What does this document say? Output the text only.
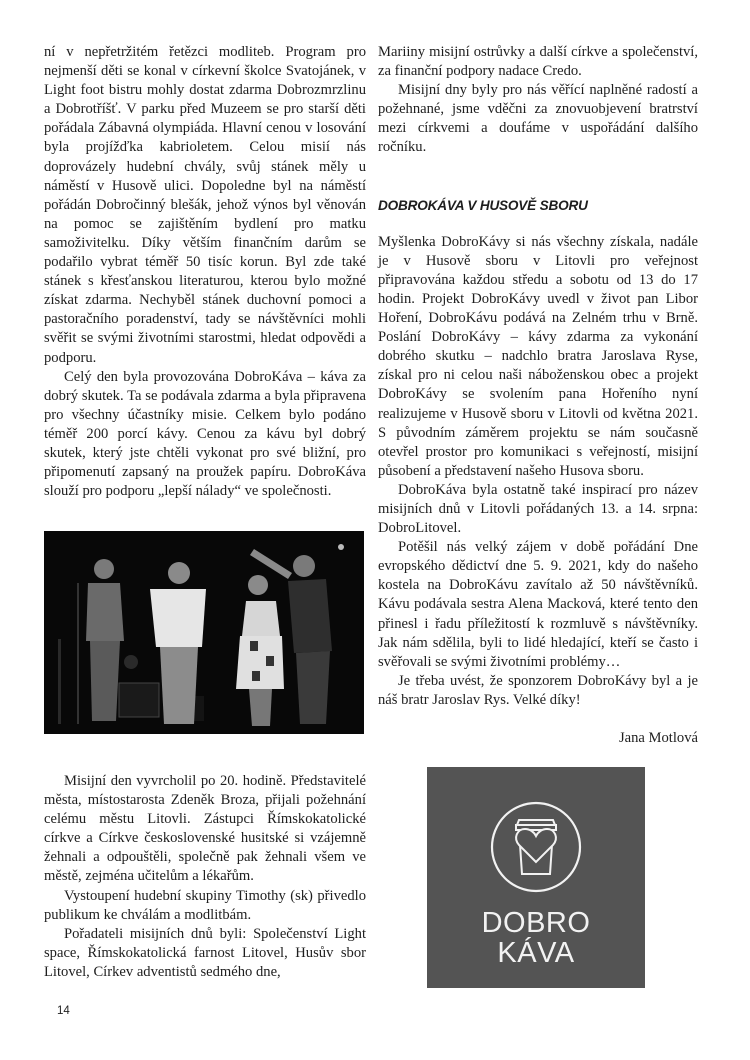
ní v nepřetržitém řetězci modliteb. Program pro nejmenší děti se konal v církevní školce Svatojánek, v Light foot bistru mohly dostat zdarma Dobrozmrzlinu a Dobrotříšť. V parku před Muzeem se pro starší děti pořádala Zábavná olympiáda. Hlavní cenou v losování byla projížďka kabrioletem. Celou misií nás doprovázely hudební chvály, svůj stánek měly u náměstí v Husově ulici. Dopoledne byl na náměstí pořádán Dobročinný blešák, jehož výnos byl věnován na pomoc se zajištěním bydlení pro matku samoživitelku. Díky větším finančním darům se podařilo vybrat téměř 50 tisíc korun. Byl zde také stánek s křesťanskou literaturou, kterou bylo možné získat zdarma. Nechyběl stánek duchovní pomoci a pastoračního poradenství, tady se návštěvníci mohli svěřit se svými životními starostmi, hledat odpovědi a podporu.

Celý den byla provozována DobroKáva – káva za dobrý skutek. Ta se podávala zdarma a byla připravena pro všechny účastníky misie. Celkem bylo podáno téměř 200 porcí kávy. Cenou za kávu byl dobrý skutek, který jste chtěli vykonat pro své bližní, pro připomenutí zapsaný na proužek papíru. DobroKáva slouží pro podporu „lepší nálady“ ve společnosti.

Misijní den vyvrcholil po 20. hodině. Představitelé města, místostarosta Zdeněk Broza, přijali požehnání celému městu Litovli. Zástupci Římskokatolické církve a Církve československé husitské si vzájemně žehnali a odpouštěli, společně pak žehnali všem ve městě, zejména učitelům a lékařům.

Vystoupení hudební skupiny Timothy (sk) přivedlo publikum ke chválám a modlitbám.

Pořadateli misijních dnů byli: Společenství Light space, Římskokatolická farnost Litovel, Husův sbor Litovel, Církev adventistů sedmého dne,

Mariiny misijní ostrůvky a další církve a společenství, za finanční podpory nadace Credo.

Misijní dny byly pro nás věřící naplněné radostí a požehnané, jsme vděčni za znovuobjevení bratrství mezi církvemi a doufáme v uspořádání dalšího ročníku.

DOBROKÁVA V HUSOVĚ SBORU

Myšlenka DobroKávy si nás všechny získala, nadále je v Husově sboru v Litovli pro veřejnost připravována každou středu a sobotu od 13 do 17 hodin. Projekt DobroKávy uvedl v život pan Libor Hoření, DobroKávu podává na Zelném trhu v Brně. Poslání DobroKávy – kávy zdarma za vykonání dobrého skutku – nadchlo bratra Jaroslava Ryse, získal pro ni celou naši náboženskou obec a projekt DobroKávy se svolením pana Hořeního nyní realizujeme v Husově sboru v Litovli od května 2021. S původním záměrem projektu se nám současně otevřel prostor pro komunikaci s veřejností, misijní působení a představení našeho Husova sboru.

DobroKáva byla ostatně také inspirací pro název misijních dnů v Litovli pořádaných 13. a 14. srpna: DobroLitovel.

Potěšil nás velký zájem v době pořádání Dne evropského dědictví dne 5. 9. 2021, kdy do našeho kostela na DobroKávu zavítalo až 50 návštěvníků. Kávu podávala sestra Alena Macková, které tento den přinesl i řadu příležitostí k rozmluvě s návštěvníky. Jak nám sdělila, byli to lidé hledající, kteří se často i svěřovali se svými životními problémy…

Je třeba uvést, že sponzorem DobroKávy byl a je náš bratr Jaroslav Rys. Velké díky!

Jana Motlová

DOBRO
KÁVA
14
